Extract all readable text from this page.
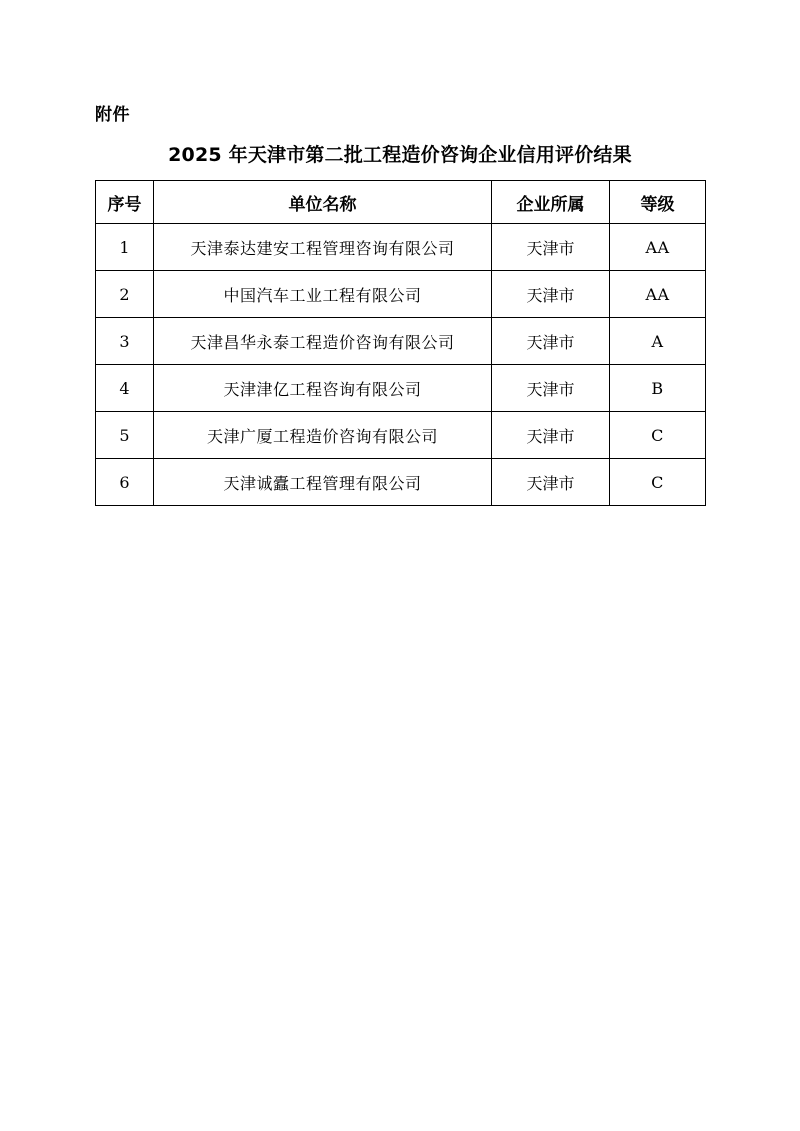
附件
2025 年天津市第二批工程造价咨询企业信用评价结果
序号	单位名称	企业所属	等级
1	天津泰达建安工程管理咨询有限公司	天津市	AA
2	中国汽车工业工程有限公司	天津市	AA
3	天津昌华永泰工程造价咨询有限公司	天津市	A
4	天津津亿工程咨询有限公司	天津市	B
5	天津广厦工程造价咨询有限公司	天津市	C
6	天津诚蠹工程管理有限公司	天津市	C
